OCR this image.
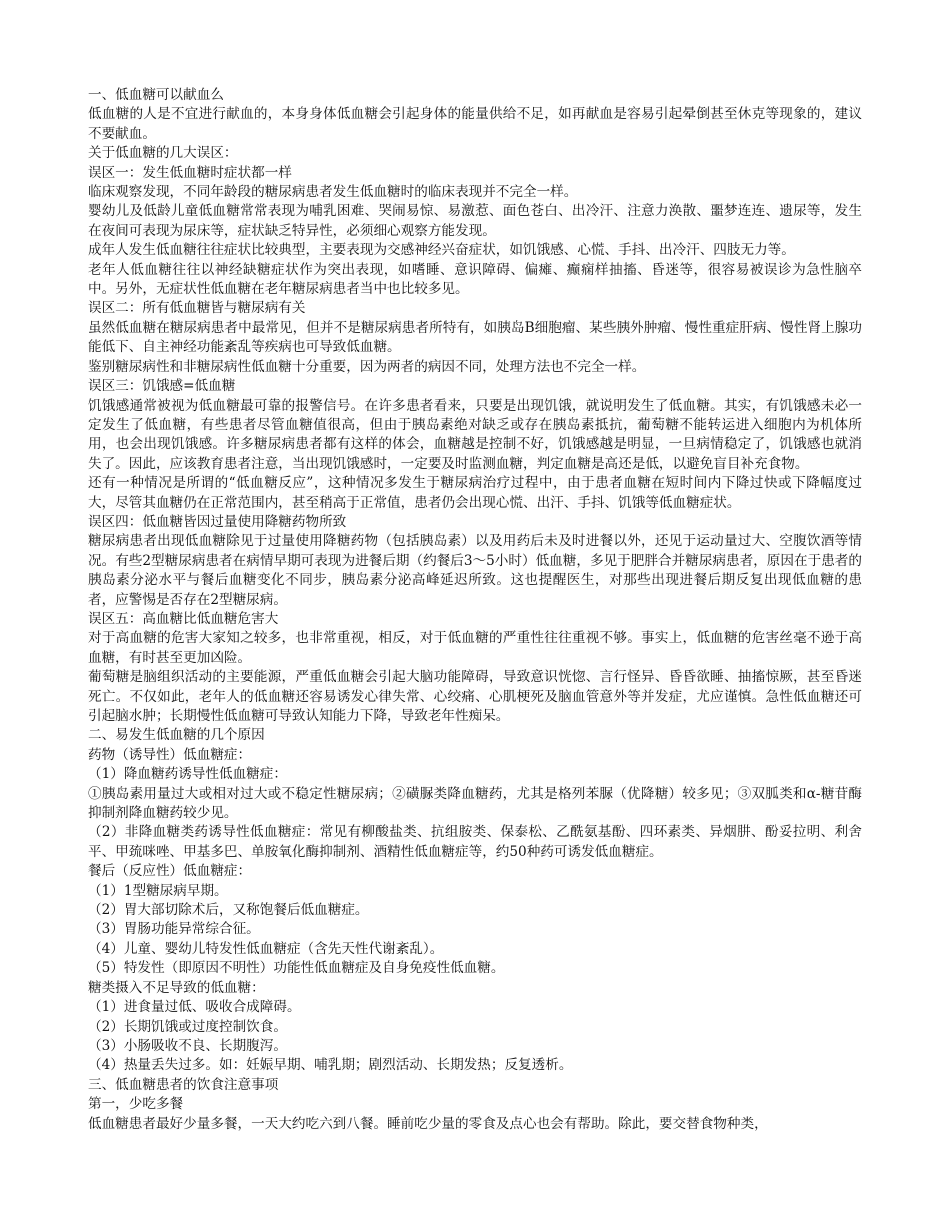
一、低血糖可以献血么

低血糖的人是不宜进行献血的，本身身体低血糖会引起身体的能量供给不足，如再献血是容易引起晕倒甚至休克等现象的，建议不要献血。

关于低血糖的几大误区：

误区一：发生低血糖时症状都一样

临床观察发现，不同年龄段的糖尿病患者发生低血糖时的临床表现并不完全一样。

婴幼儿及低龄儿童低血糖常常表现为哺乳困难、哭闹易惊、易激惹、面色苍白、出冷汗、注意力涣散、噩梦连连、遗尿等，发生在夜间可表现为尿床等，症状缺乏特异性，必须细心观察方能发现。

成年人发生低血糖往往症状比较典型，主要表现为交感神经兴奋症状，如饥饿感、心慌、手抖、出冷汗、四肢无力等。

老年人低血糖往往以神经缺糖症状作为突出表现，如嗜睡、意识障碍、偏瘫、癫痫样抽搐、昏迷等，很容易被误诊为急性脑卒中。另外，无症状性低血糖在老年糖尿病患者当中也比较多见。

误区二：所有低血糖皆与糖尿病有关

虽然低血糖在糖尿病患者中最常见，但并不是糖尿病患者所特有，如胰岛B细胞瘤、某些胰外肿瘤、慢性重症肝病、慢性肾上腺功能低下、自主神经功能紊乱等疾病也可导致低血糖。

鉴别糖尿病性和非糖尿病性低血糖十分重要，因为两者的病因不同，处理方法也不完全一样。

误区三：饥饿感=低血糖

饥饿感通常被视为低血糖最可靠的报警信号。在许多患者看来，只要是出现饥饿，就说明发生了低血糖。其实，有饥饿感未必一定发生了低血糖，有些患者尽管血糖值很高，但由于胰岛素绝对缺乏或存在胰岛素抵抗，葡萄糖不能转运进入细胞内为机体所用，也会出现饥饿感。许多糖尿病患者都有这样的体会，血糖越是控制不好，饥饿感越是明显，一旦病情稳定了，饥饿感也就消失了。因此，应该教育患者注意，当出现饥饿感时，一定要及时监测血糖，判定血糖是高还是低，以避免盲目补充食物。

还有一种情况是所谓的“低血糖反应”，这种情况多发生于糖尿病治疗过程中，由于患者血糖在短时间内下降过快或下降幅度过大，尽管其血糖仍在正常范围内，甚至稍高于正常值，患者仍会出现心慌、出汗、手抖、饥饿等低血糖症状。

误区四：低血糖皆因过量使用降糖药物所致

糖尿病患者出现低血糖除见于过量使用降糖药物（包括胰岛素）以及用药后未及时进餐以外，还见于运动量过大、空腹饮酒等情况。有些2型糖尿病患者在病情早期可表现为进餐后期（约餐后3～5小时）低血糖，多见于肥胖合并糖尿病患者，原因在于患者的胰岛素分泌水平与餐后血糖变化不同步，胰岛素分泌高峰延迟所致。这也提醒医生，对那些出现进餐后期反复出现低血糖的患者，应警惕是否存在2型糖尿病。

误区五：高血糖比低血糖危害大

对于高血糖的危害大家知之较多，也非常重视，相反，对于低血糖的严重性往往重视不够。事实上，低血糖的危害丝毫不逊于高血糖，有时甚至更加凶险。

葡萄糖是脑组织活动的主要能源，严重低血糖会引起大脑功能障碍，导致意识恍惚、言行怪异、昏昏欲睡、抽搐惊厥，甚至昏迷死亡。不仅如此，老年人的低血糖还容易诱发心律失常、心绞痛、心肌梗死及脑血管意外等并发症，尤应谨慎。急性低血糖还可引起脑水肿；长期慢性低血糖可导致认知能力下降，导致老年性痴呆。

二、易发生低血糖的几个原因

药物（诱导性）低血糖症：

（1）降血糖药诱导性低血糖症：

①胰岛素用量过大或相对过大或不稳定性糖尿病；②磺脲类降血糖药，尤其是格列苯脲（优降糖）较多见；③双胍类和α-糖苷酶抑制剂降血糖药较少见。

（2）非降血糖类药诱导性低血糖症：常见有柳酸盐类、抗组胺类、保泰松、乙酰氨基酚、四环素类、异烟肼、酚妥拉明、利舍平、甲巯咪唑、甲基多巴、单胺氧化酶抑制剂、酒精性低血糖症等，约50种药可诱发低血糖症。

餐后（反应性）低血糖症：

（1）1型糖尿病早期。

（2）胃大部切除术后，又称饱餐后低血糖症。

（3）胃肠功能异常综合征。

（4）儿童、婴幼儿特发性低血糖症（含先天性代谢紊乱）。

（5）特发性（即原因不明性）功能性低血糖症及自身免疫性低血糖。

糖类摄入不足导致的低血糖：

（1）进食量过低、吸收合成障碍。

（2）长期饥饿或过度控制饮食。

（3）小肠吸收不良、长期腹泻。

（4）热量丢失过多。如：妊娠早期、哺乳期；剧烈活动、长期发热；反复透析。

三、低血糖患者的饮食注意事项

第一，少吃多餐

低血糖患者最好少量多餐，一天大约吃六到八餐。睡前吃少量的零食及点心也会有帮助。除此，要交替食物种类，
